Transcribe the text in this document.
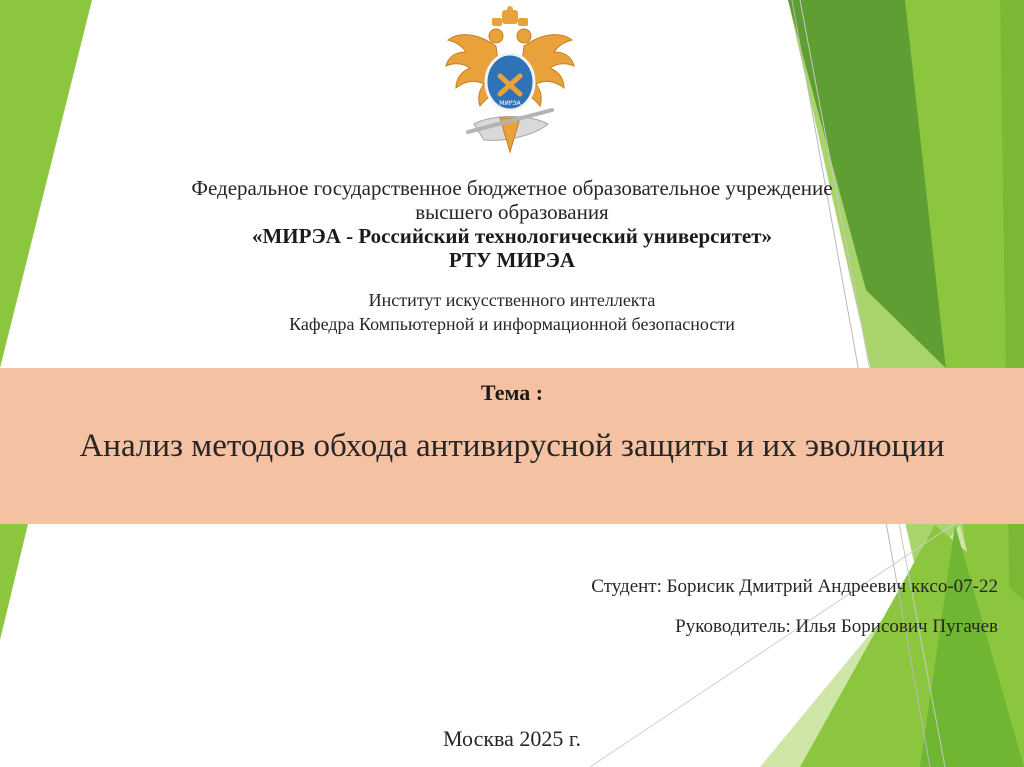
МИРЭА
Федеральное государственное бюджетное образовательное учреждение
высшего образования
«МИРЭА - Российский технологический университет»
РТУ МИРЭА
Институт искусственного интеллекта
Кафедра Компьютерной и информационной безопасности
Тема :
Анализ методов обхода антивирусной защиты и их эволюции
Студент: Борисик Дмитрий Андреевич ккco-07-22
Руководитель: Илья Борисович Пугачев
Москва 2025 г.
